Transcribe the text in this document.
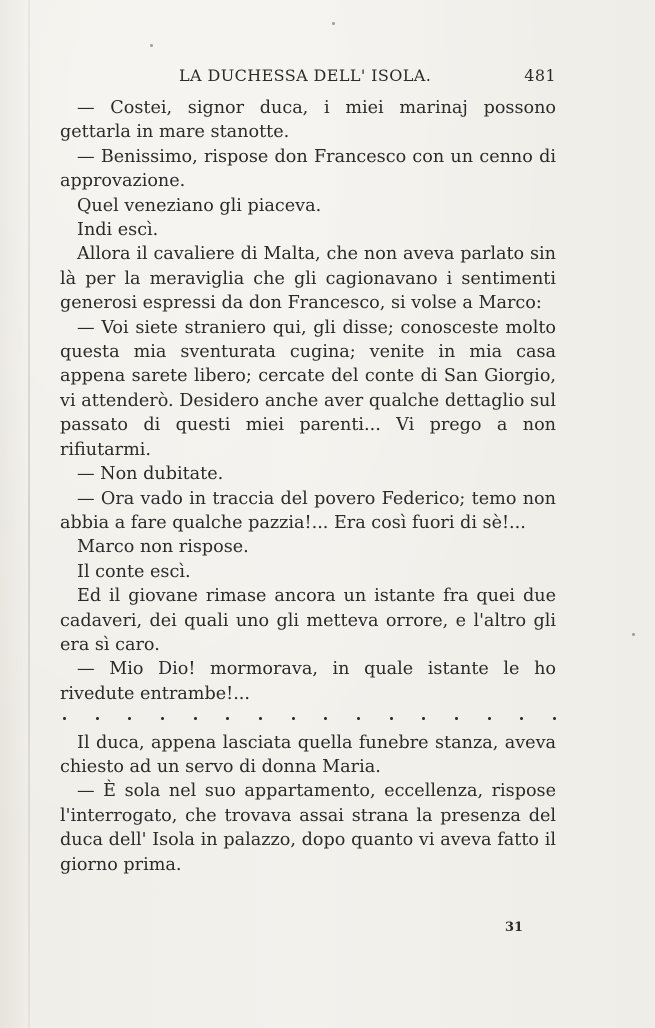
LA DUCHESSA DELL' ISOLA.	481
— Costei, signor duca, i miei marinaj possono gettarla in mare stanotte.
— Benissimo, rispose don Francesco con un cenno di approvazione.
Quel veneziano gli piaceva.
Indi escì.
Allora il cavaliere di Malta, che non aveva parlato sin là per la meraviglia che gli cagionavano i sentimenti generosi espressi da don Francesco, si volse a Marco:
— Voi siete straniero qui, gli disse; conosceste molto questa mia sventurata cugina; venite in mia casa appena sarete libero; cercate del conte di San Giorgio, vi attenderò. Desidero anche aver qualche dettaglio sul passato di questi miei parenti... Vi prego a non rifiutarmi.
— Non dubitate.
— Ora vado in traccia del povero Federico; temo non abbia a fare qualche pazzia!... Era così fuori di sè!...
Marco non rispose.
Il conte escì.
Ed il giovane rimase ancora un istante fra quei due cadaveri, dei quali uno gli metteva orrore, e l'altro gli era sì caro.
— Mio Dio! mormorava, in quale istante le ho rivedute entrambe!...
Il duca, appena lasciata quella funebre stanza, aveva chiesto ad un servo di donna Maria.
— È sola nel suo appartamento, eccellenza, rispose l'interrogato, che trovava assai strana la presenza del duca dell' Isola in palazzo, dopo quanto vi aveva fatto il giorno prima.
31
